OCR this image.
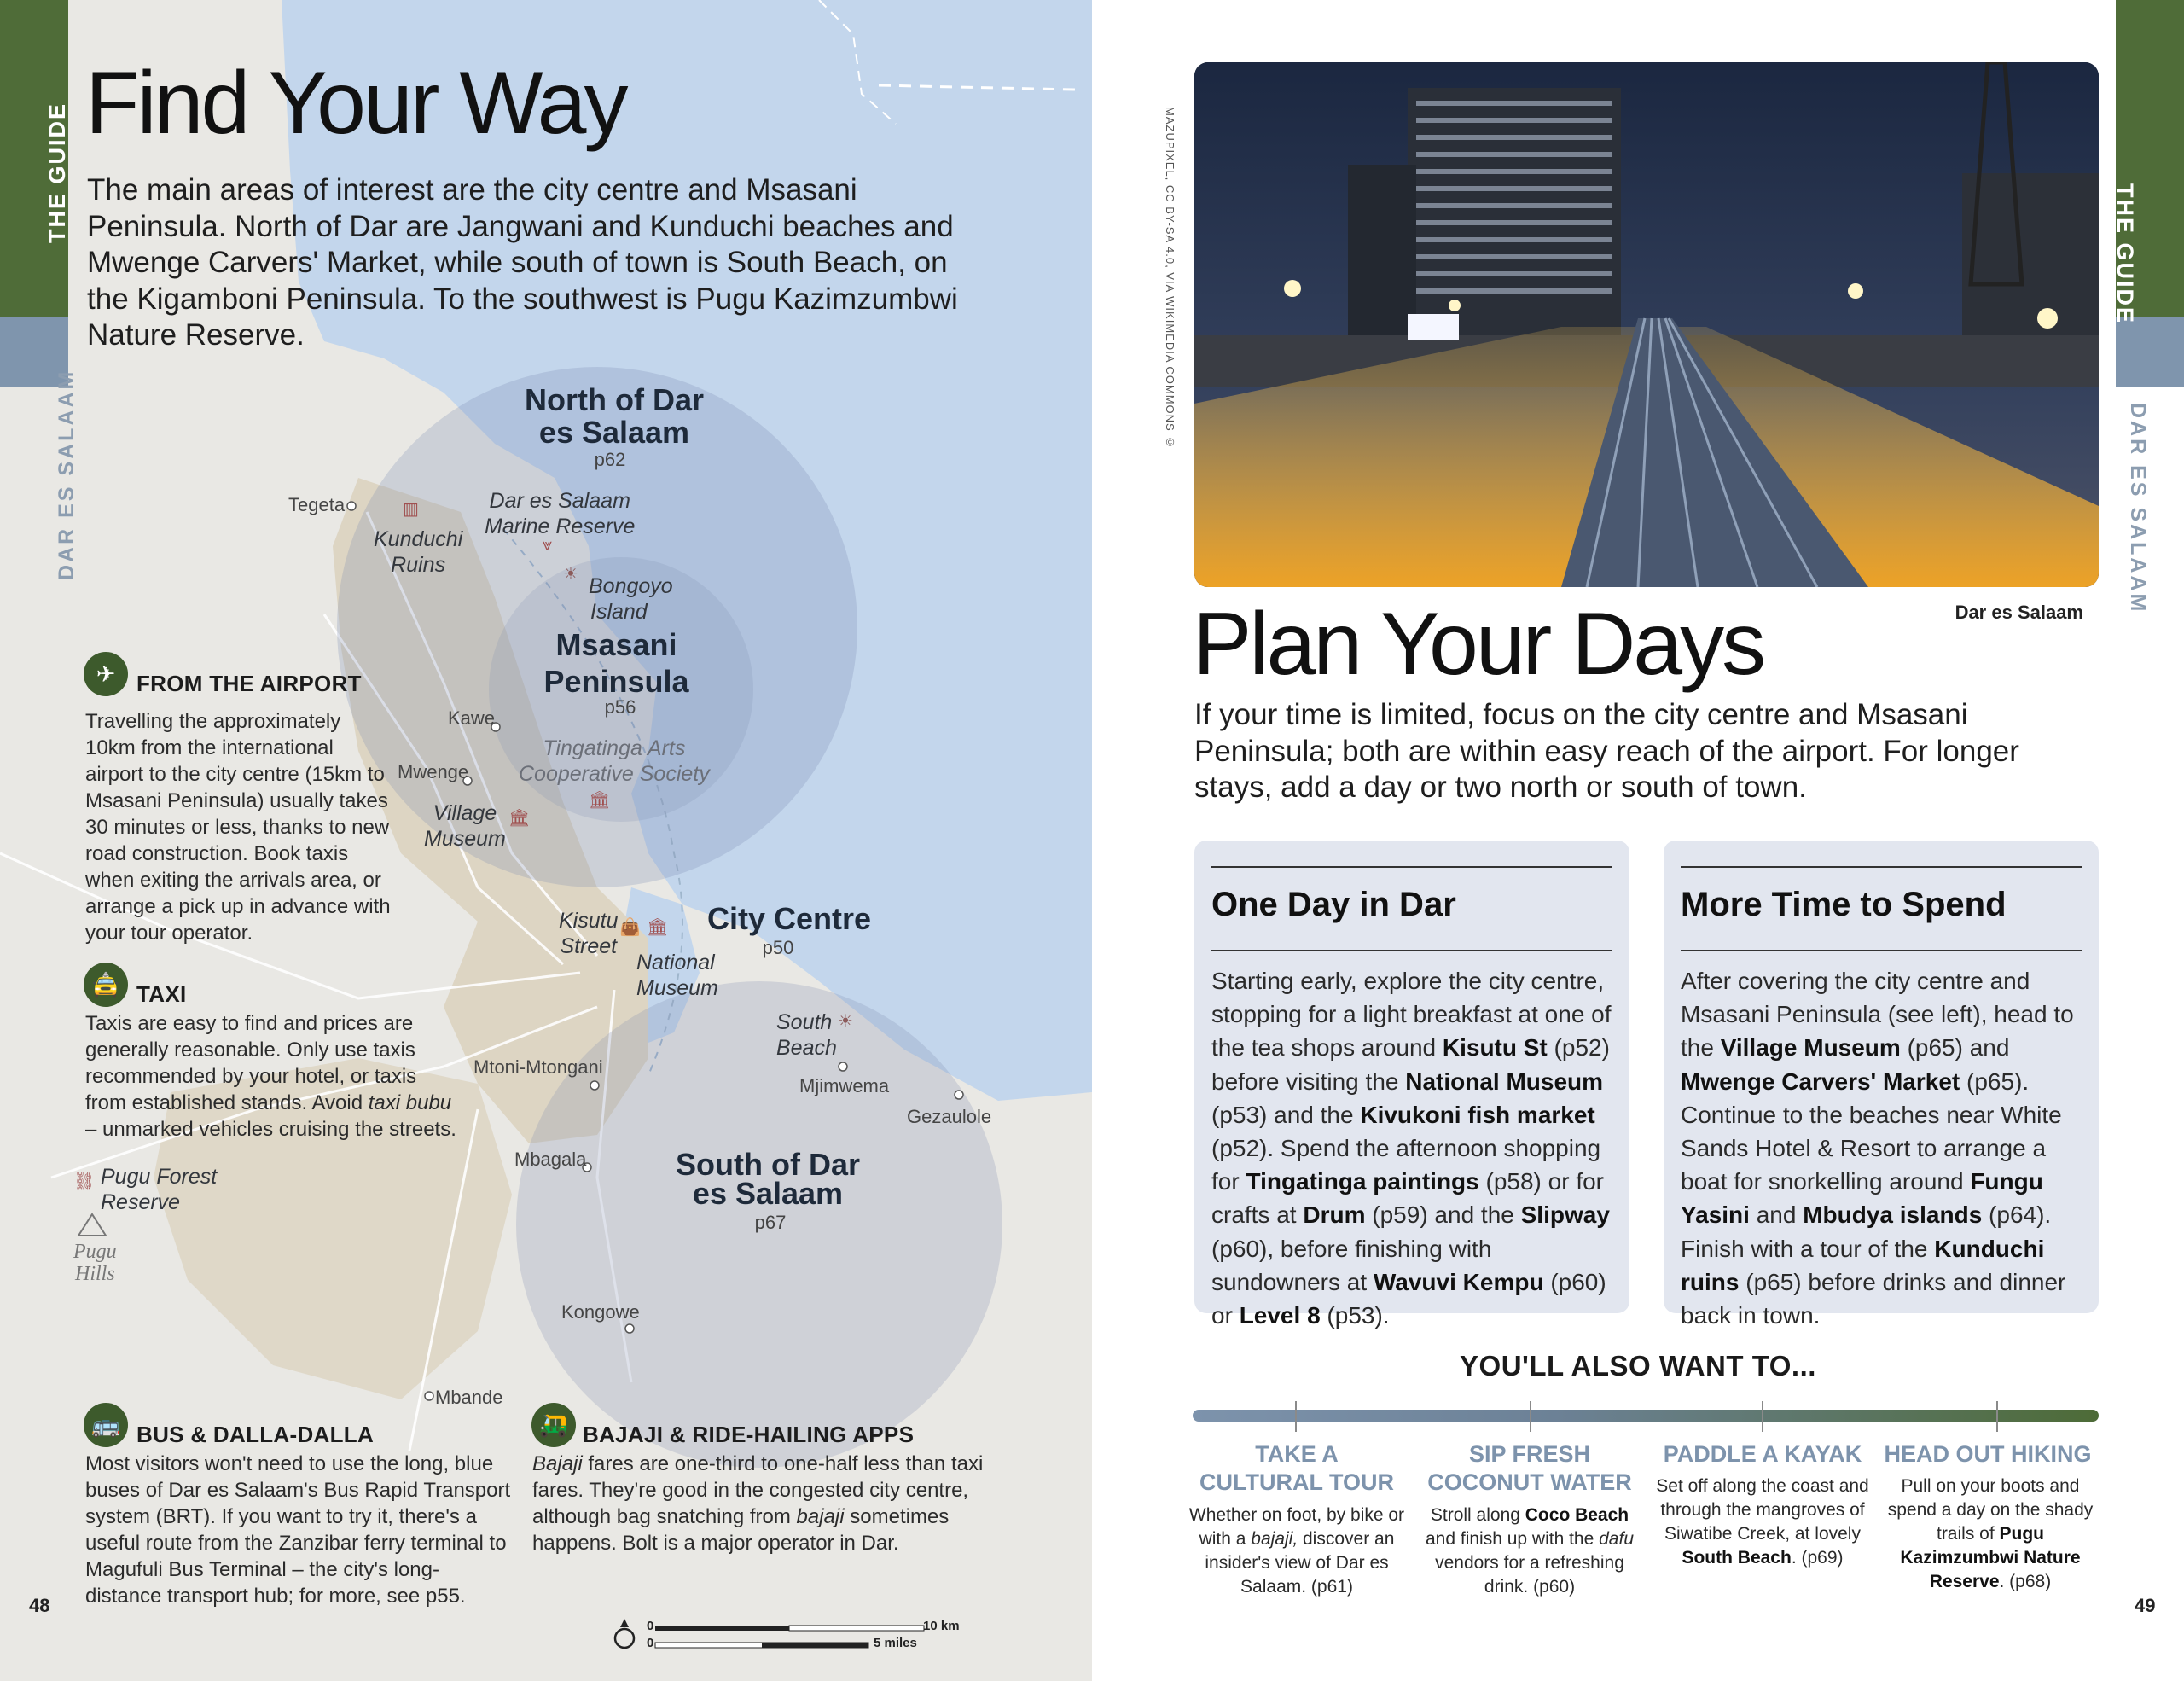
THE GUIDE
DAR ES SALAAM
Find Your Way
The main areas of interest are the city centre and Msasani Peninsula. North of Dar are Jangwani and Kunduchi beaches and Mwenge Carvers' Market, while south of town is South Beach, on the Kigamboni Peninsula. To the southwest is Pugu Kazimzumbwi Nature Reserve.
North of Dar
es Salaam
p62
Msasani
Peninsula
p56
City Centre
p50
South of Dar
es Salaam
p67
Kunduchi
Ruins
▥	Dar es Salaam
Marine Reserve
⩔
☀ Bongoyo
Island
Tingatinga Arts
Cooperative Society
🏛
Village
Museum
🏛
Kisutu
Street
👜 🏛
National
Museum
South
Beach
☀
Pugu Forest
Reserve
⛓
Pugu
Hills
Tegeta
Kawe
Mwenge
Mtoni-Mtongani
Mjimwema
Gezaulole
Mbagala
Kongowe
Mbande
✈ FROM THE AIRPORT
Travelling the approximately 10km from the international airport to the city centre (15km to Msasani Peninsula) usually takes 30 minutes or less, thanks to new road construction. Book taxis when exiting the arrivals area, or arrange a pick up in advance with your tour operator.
🚖 TAXI
Taxis are easy to find and prices are generally reasonable. Only use taxis recommended by your hotel, or taxis from established stands. Avoid taxi bubu – unmarked vehicles cruising the streets.
🚌 BUS & DALLA-DALLA
Most visitors won't need to use the long, blue buses of Dar es Salaam's Bus Rapid Transport system (BRT). If you want to try it, there's a useful route from the Zanzibar ferry terminal to Magufuli Bus Terminal – the city's long-distance transport hub; for more, see p55.
🛺 BAJAJI & RIDE-HAILING APPS
Bajaji fares are one-third to one-half less than taxi fares. They're good in the congested city centre, although bag snatching from bajaji sometimes happens. Bolt is a major operator in Dar.
0
0
10 km
5 miles
48
THE GUIDE
DAR ES SALAAM
MAZUPIXEL, CC BY-SA 4.0, VIA WIKIMEDIA COMMONS ©
Dar es Salaam
Plan Your Days
If your time is limited, focus on the city centre and Msasani Peninsula; both are within easy reach of the airport. For longer stays, add a day or two north or south of town.
One Day in Dar
Starting early, explore the city centre, stopping for a light breakfast at one of the tea shops around Kisutu St (p52) before visiting the National Museum (p53) and the Kivukoni fish market (p52). Spend the afternoon shopping for Tingatinga paintings (p58) or for crafts at Drum (p59) and the Slipway (p60), before finishing with sundowners at Wavuvi Kempu (p60) or Level 8 (p53).
More Time to Spend
After covering the city centre and Msasani Peninsula (see left), head to the Village Museum (p65) and Mwenge Carvers' Market (p65). Continue to the beaches near White Sands Hotel & Resort to arrange a boat for snorkelling around Fungu Yasini and Mbudya islands (p64). Finish with a tour of the Kunduchi ruins (p65) before drinks and dinner back in town.
YOU'LL ALSO WANT TO...
TAKE A
CULTURAL TOUR
Whether on foot, by bike or with a bajaji, discover an insider's view of Dar es Salaam. (p61)
SIP FRESH
COCONUT WATER
Stroll along Coco Beach and finish up with the dafu vendors for a refreshing drink. (p60)
PADDLE A KAYAK
Set off along the coast and through the mangroves of Siwatibe Creek, at lovely South Beach. (p69)
HEAD OUT HIKING
Pull on your boots and spend a day on the shady trails of Pugu Kazimzumbwi Nature Reserve. (p68)
49
